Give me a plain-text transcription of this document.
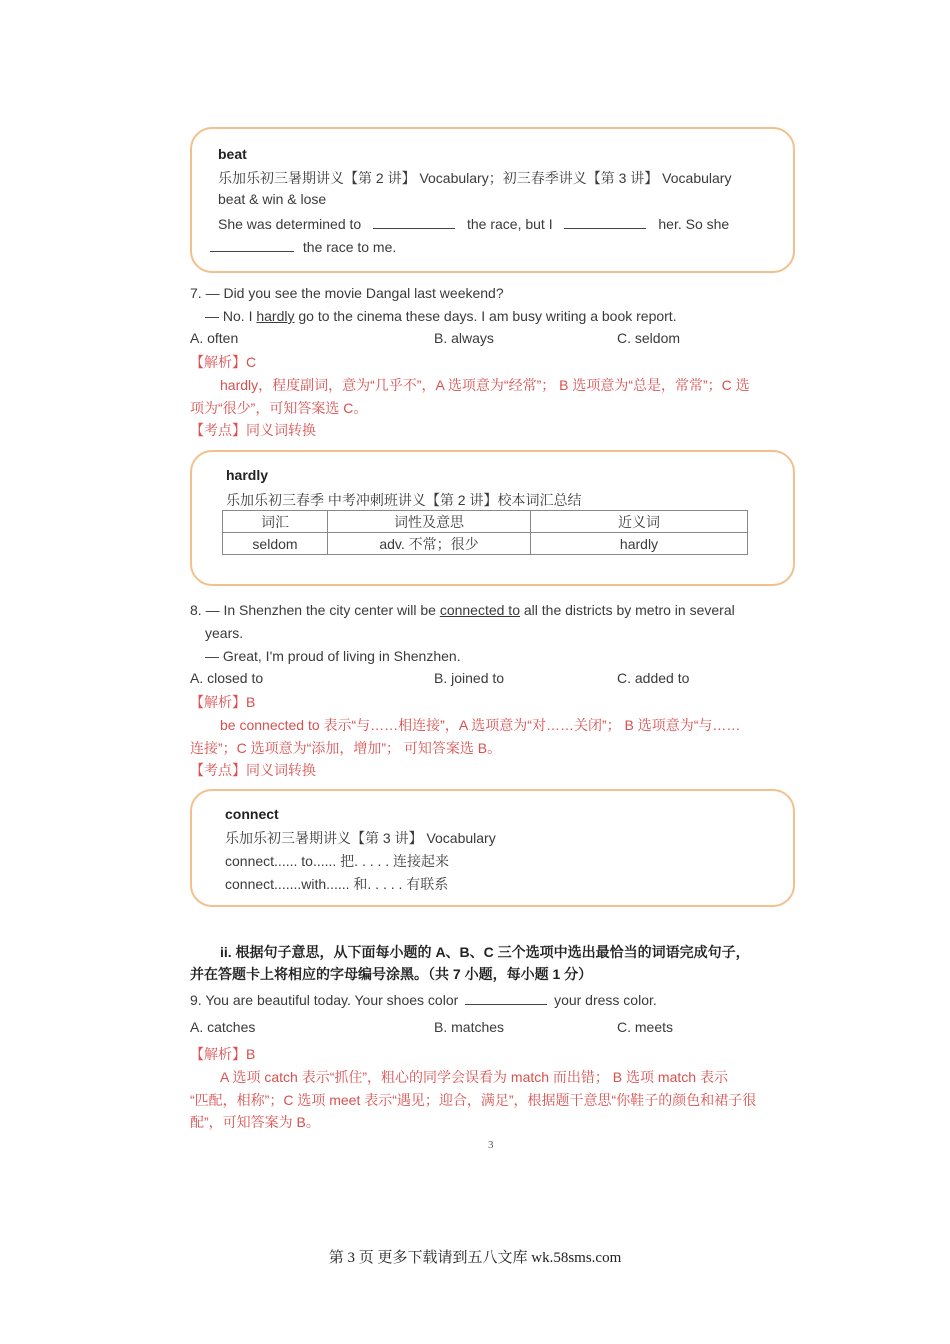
beat
乐加乐初三暑期讲义【第 2 讲】 Vocabulary；初三春季讲义【第 3 讲】 Vocabulary
beat & win & lose
She was determined to	the race, but I	her. So she
the race to me.
7. — Did you see the movie Dangal last weekend?
— No. I hardly go to the cinema these days. I am busy writing a book report.
A. often	B. always	C. seldom
【解析】C
hardly，程度副词，意为“几乎不”，A 选项意为“经常”； B 选项意为“总是，常常”；C 选
项为“很少”，可知答案选 C。
【考点】同义词转换
hardly
乐加乐初三春季 中考冲刺班讲义【第 2 讲】校本词汇总结
词汇	词性及意思	近义词
seldom	adv. 不常；很少	hardly
8. — In Shenzhen the city center will be connected to all the districts by metro in several
years.
— Great, I'm proud of living in Shenzhen.
A. closed to	B. joined to	C. added to
【解析】B
be connected to 表示“与……相连接”，A 选项意为“对……关闭”； B 选项意为“与……
连接”；C 选项意为“添加，增加”； 可知答案选 B。
【考点】同义词转换
connect
乐加乐初三暑期讲义【第 3 讲】 Vocabulary
connect...... to...... 把. . . . . 连接起来
connect.......with...... 和. . . . . 有联系
ii. 根据句子意思，从下面每小题的 A、B、C 三个选项中选出最恰当的词语完成句子，
并在答题卡上将相应的字母编号涂黑。（共 7 小题，每小题 1 分）
9. You are beautiful today. Your shoes color	your dress color.
A. catches	B. matches	C. meets
【解析】B
A 选项 catch 表示“抓住”，粗心的同学会误看为 match 而出错； B 选项 match 表示
“匹配，相称”；C 选项 meet 表示“遇见；迎合，满足”，根据题干意思“你鞋子的颜色和裙子很
配”，可知答案为 B。
3
第 3 页 更多下载请到五八文库 wk.58sms.com
